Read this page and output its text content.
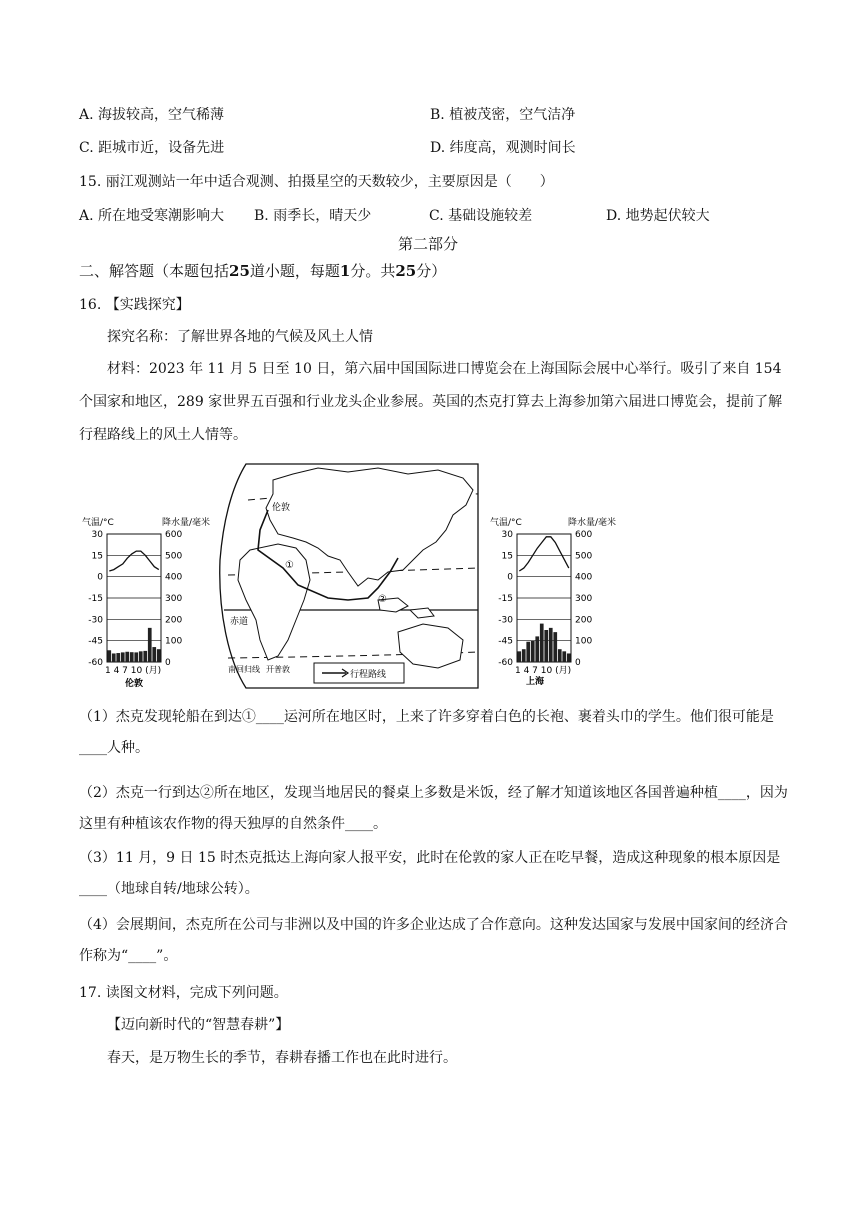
A. 海拔较高，空气稀薄	B. 植被茂密，空气洁净
C. 距城市近，设备先进	D. 纬度高，观测时间长
15. 丽江观测站一年中适合观测、拍摄星空的天数较少，主要原因是（　　）
A. 所在地受寒潮影响大 B. 雨季长，晴天少	C. 基础设施较差	D. 地势起伏较大
第二部分
二、解答题（本题包括25道小题，每题1分。共25分）
16. 【实践探究】
探究名称：了解世界各地的气候及风土人情
材料：2023 年 11 月 5 日至 10 日，第六届中国国际进口博览会在上海国际会展中心举行。吸引了来自 154 个国家和地区，289 家世界五百强和行业龙头企业参展。英国的杰克打算去上海参加第六届进口博览会，提前了解行程路线上的风土人情等。
气温/°C	降水量/毫米
30	600
15	500
0	400
-15	300
-30	200
-45	100
-60	0
1 4 7 10 (月)
伦敦
伦敦
①
②
赤道
南回归线 开普敦
行程路线
气温/°C	降水量/毫米
30	600
15	500
0	400
-15	300
-30	200
-45	100
-60	0
1 4 7 10 (月)
上海
（1）杰克发现轮船在到达①____运河所在地区时，上来了许多穿着白色的长袍、裹着头巾的学生。他们很可能是____人种。
（2）杰克一行到达②所在地区，发现当地居民的餐桌上多数是米饭，经了解才知道该地区各国普遍种植____，因为这里有种植该农作物的得天独厚的自然条件____。
（3）11 月，9 日 15 时杰克抵达上海向家人报平安，此时在伦敦的家人正在吃早餐，造成这种现象的根本原因是____（地球自转/地球公转）。
（4）会展期间，杰克所在公司与非洲以及中国的许多企业达成了合作意向。这种发达国家与发展中国家间的经济合作称为“____”。
17. 读图文材料，完成下列问题。
【迈向新时代的“智慧春耕”】
春天，是万物生长的季节，春耕春播工作也在此时进行。
